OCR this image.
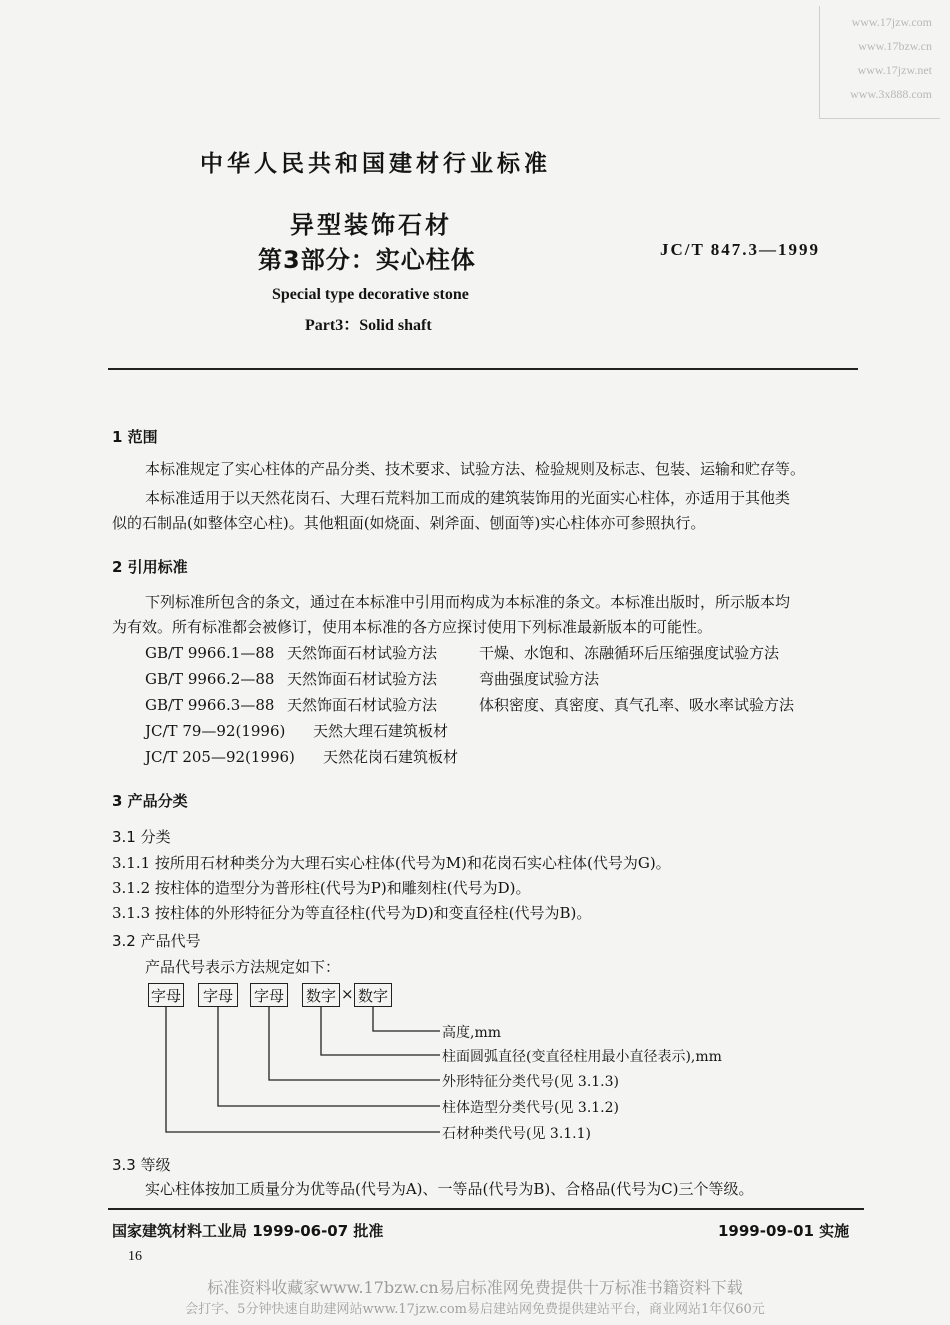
www.17jzw.com
www.17bzw.cn
www.17jzw.net
www.3x888.com
中华人民共和国建材行业标准
异型装饰石材
第3部分：实心柱体	JC/T 847.3—1999
Special type decorative stone
Part3：Solid shaft
1 范围
本标准规定了实心柱体的产品分类、技术要求、试验方法、检验规则及标志、包装、运输和贮存等。
本标准适用于以天然花岗石、大理石荒料加工而成的建筑装饰用的光面实心柱体，亦适用于其他类
似的石制品(如整体空心柱)。其他粗面(如烧面、剁斧面、刨面等)实心柱体亦可参照执行。
2 引用标准
下列标准所包含的条文，通过在本标准中引用而构成为本标准的条文。本标准出版时，所示版本均
为有效。所有标准都会被修订，使用本标准的各方应探讨使用下列标准最新版本的可能性。
GB/T 9966.1—88 天然饰面石材试验方法	干燥、水饱和、冻融循环后压缩强度试验方法
GB/T 9966.2—88 天然饰面石材试验方法	弯曲强度试验方法
GB/T 9966.3—88 天然饰面石材试验方法	体积密度、真密度、真气孔率、吸水率试验方法
JC/T 79—92(1996) 天然大理石建筑板材
JC/T 205—92(1996) 天然花岗石建筑板材
3 产品分类
3.1 分类
3.1.1 按所用石材种类分为大理石实心柱体(代号为M)和花岗石实心柱体(代号为G)。
3.1.2 按柱体的造型分为普形柱(代号为P)和雕刻柱(代号为D)。
3.1.3 按柱体的外形特征分为等直径柱(代号为D)和变直径柱(代号为B)。
3.2 产品代号
产品代号表示方法规定如下：
字母	字母	字母 数字 × 数字
高度,mm
柱面圆弧直径(变直径柱用最小直径表示),mm
外形特征分类代号(见 3.1.3)
柱体造型分类代号(见 3.1.2)
石材种类代号(见 3.1.1)
3.3 等级
实心柱体按加工质量分为优等品(代号为A)、一等品(代号为B)、合格品(代号为C)三个等级。
国家建筑材料工业局 1999-06-07 批准	1999-09-01 实施
16
标准资料收藏家www.17bzw.cn易启标准网免费提供十万标准书籍资料下载
会打字、5分钟快速自助建网站www.17jzw.com易启建站网免费提供建站平台，商业网站1年仅60元
